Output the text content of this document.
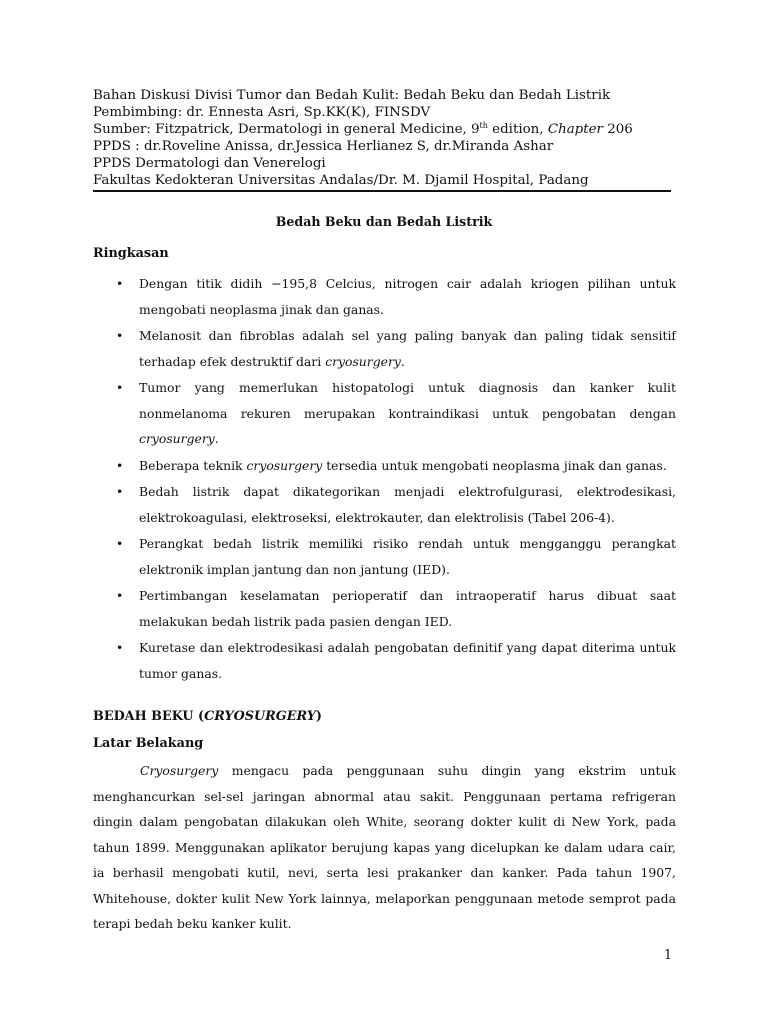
Bahan Diskusi Divisi Tumor dan Bedah Kulit: Bedah Beku dan Bedah Listrik
Pembimbing: dr. Ennesta Asri, Sp.KK(K), FINSDV
Sumber: Fitzpatrick, Dermatologi in general Medicine, 9th edition, Chapter 206
PPDS : dr.Roveline Anissa, dr.Jessica Herlianez S, dr.Miranda Ashar
PPDS Dermatologi dan Venerelogi
Fakultas Kedokteran Universitas Andalas/Dr. M. Djamil Hospital, Padang
Bedah Beku dan Bedah Listrik
Ringkasan
• Dengan titik didih −195,8 Celcius, nitrogen cair adalah kriogen pilihan untuk mengobati neoplasma jinak dan ganas.
• Melanosit dan fibroblas adalah sel yang paling banyak dan paling tidak sensitif terhadap efek destruktif dari cryosurgery.
• Tumor yang memerlukan histopatologi untuk diagnosis dan kanker kulit nonmelanoma rekuren merupakan kontraindikasi untuk pengobatan dengan cryosurgery.
• Beberapa teknik cryosurgery tersedia untuk mengobati neoplasma jinak dan ganas.
• Bedah listrik dapat dikategorikan menjadi elektrofulgurasi, elektrodesikasi, elektrokoagulasi, elektroseksi, elektrokauter, dan elektrolisis (Tabel 206-4).
• Perangkat bedah listrik memiliki risiko rendah untuk mengganggu perangkat elektronik implan jantung dan non jantung (IED).
• Pertimbangan keselamatan perioperatif dan intraoperatif harus dibuat saat melakukan bedah listrik pada pasien dengan IED.
• Kuretase dan elektrodesikasi adalah pengobatan definitif yang dapat diterima untuk tumor ganas.
BEDAH BEKU (CRYOSURGERY)
Latar Belakang

Cryosurgery mengacu pada penggunaan suhu dingin yang ekstrim untuk menghancurkan sel-sel jaringan abnormal atau sakit. Penggunaan pertama refrigeran dingin dalam pengobatan dilakukan oleh White, seorang dokter kulit di New York, pada tahun 1899. Menggunakan aplikator berujung kapas yang dicelupkan ke dalam udara cair, ia berhasil mengobati kutil, nevi, serta lesi prakanker dan kanker. Pada tahun 1907, Whitehouse, dokter kulit New York lainnya, melaporkan penggunaan metode semprot pada terapi bedah beku kanker kulit.

1
